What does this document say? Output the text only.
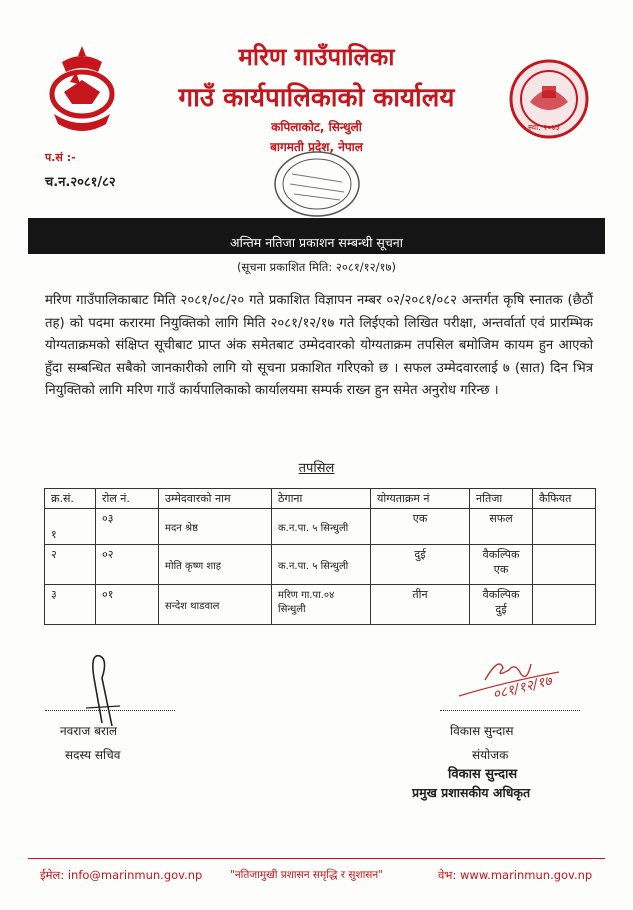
स्था. २०७३
मरिण गाउँपालिका
गाउँ कार्यपालिकाको कार्यालय
कपिलाकोट, सिन्धुली
बागमती प्रदेश, नेपाल
प.सं :-
च.न.२०८१/८२
अन्तिम नतिजा प्रकाशन सम्बन्धी सूचना
(सूचना प्रकाशित मिति: २०८१/१२/१७)
मरिण गाउँपालिकाबाट मिति २०८१/०८/२० गते प्रकाशित विज्ञापन नम्बर ०२/२०८१/०८२ अन्तर्गत कृषि स्नातक (छैठौं तह) को पदमा करारमा नियुक्तिको लागि मिति २०८१/१२/१७ गते लिईएको लिखित परीक्षा, अन्तर्वार्ता एवं प्रारम्भिक योग्यताक्रमको संक्षिप्त सूचीबाट प्राप्त अंक समेतबाट उम्मेदवारको योग्यताक्रम तपसिल बमोजिम कायम हुन आएको हुँदा सम्बन्धित सबैको जानकारीको लागि यो सूचना प्रकाशित गरिएको छ । सफल उम्मेदवारलाई ७ (सात) दिन भित्र नियुक्तिको लागि मरिण गाउँ कार्यपालिकाको कार्यालयमा सम्पर्क राख्न हुन समेत अनुरोध गरिन्छ ।
तपसिल
क्र.सं.	रोल नं.	उम्मेदवारको नाम	ठेगाना	योग्यताक्रम नं	नतिजा	कैफियत
१	०३	मदन श्रेष्ठ	क.न.पा. ५ सिन्धुली	एक	सफल	
२	०२	मोति कृष्ण शाह	क.न.पा. ५ सिन्धुली	दुई	वैकल्पिक एक	
३	०१	सन्देश थाडवाल	मरिण गा.पा.०४ सिन्धुली	तीन	वैकल्पिक दुई	
नवराज बराल
सदस्य सचिव
०८१/१२/१७
विकास सुन्दास
संयोजक
विकास सुन्दास
प्रमुख प्रशासकीय अधिकृत
ईमेल: info@marinmun.gov.np	"नतिजामुखी प्रशासन समृद्धि र सुशासन"	वेभ: www.marinmun.gov.np
